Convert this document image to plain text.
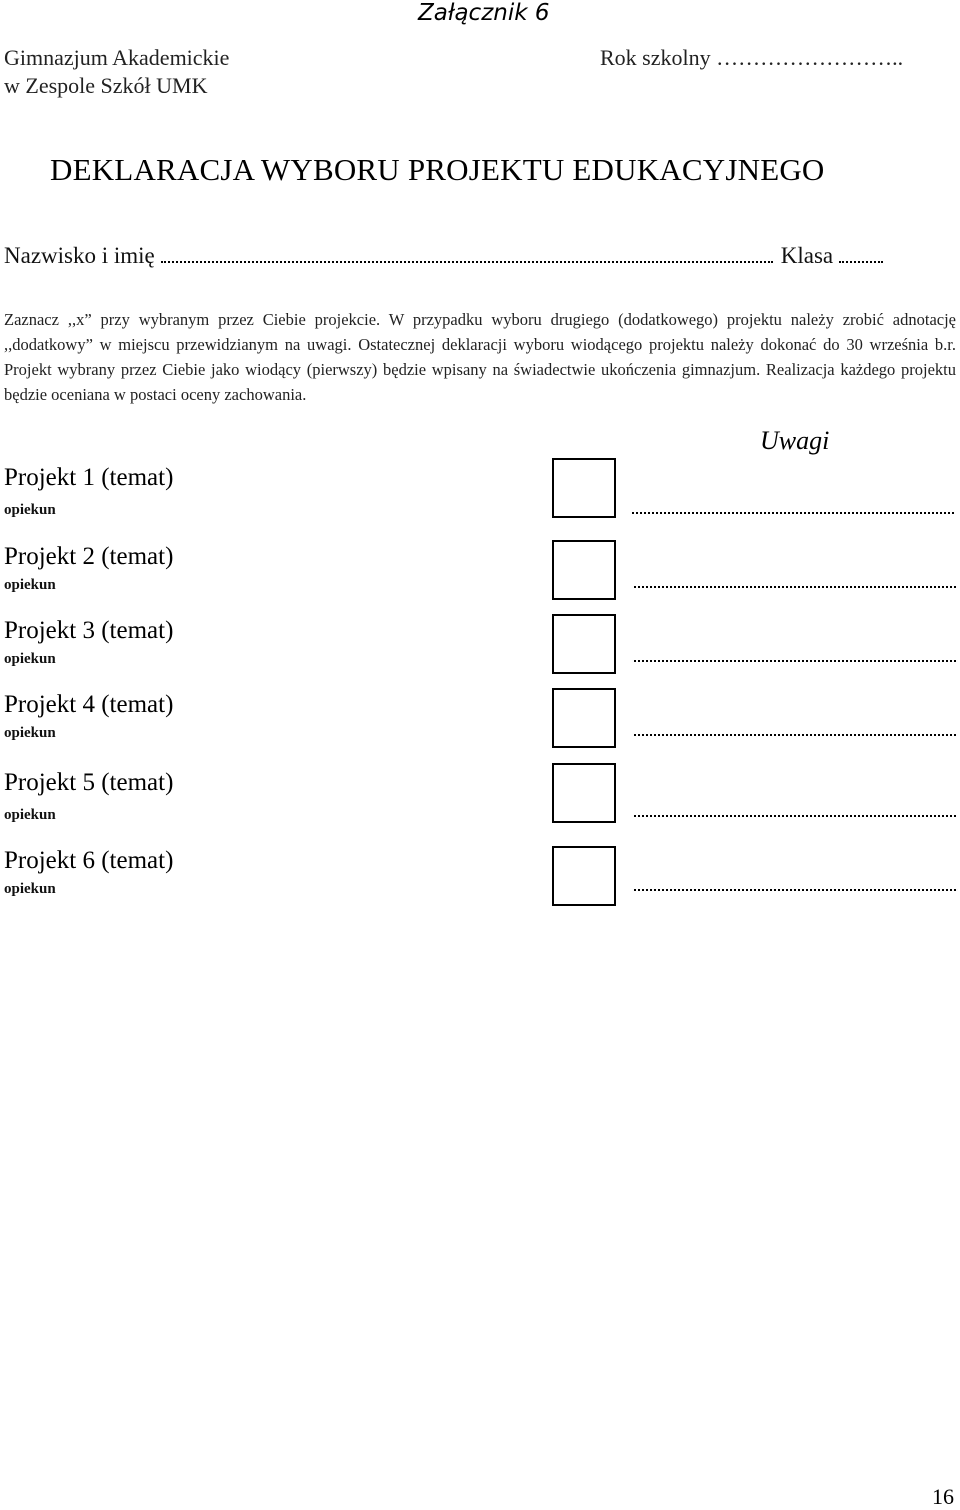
Załącznik 6
Gimnazjum Akademickie
w Zespole Szkół UMK
Rok szkolny ……………………..
DEKLARACJA WYBORU PROJEKTU EDUKACYJNEGO
Nazwisko i imię	Klasa

Zaznacz ,,x” przy wybranym przez Ciebie projekcie. W przypadku wyboru drugiego (dodatkowego) projektu należy zrobić adnotację ,,dodatkowy” w miejscu przewidzianym na uwagi. Ostatecznej deklaracji wyboru wiodącego projektu należy dokonać do 30 września b.r. Projekt wybrany przez Ciebie jako wiodący (pierwszy) będzie wpisany na świadectwie ukończenia gimnazjum. Realizacja każdego projektu będzie oceniana w postaci oceny zachowania.

Uwagi
Projekt 1 (temat)
opiekun
Projekt 2 (temat)
opiekun
Projekt 3 (temat)
opiekun
Projekt 4 (temat)
opiekun
Projekt 5 (temat)
opiekun
Projekt 6 (temat)
opiekun
16
